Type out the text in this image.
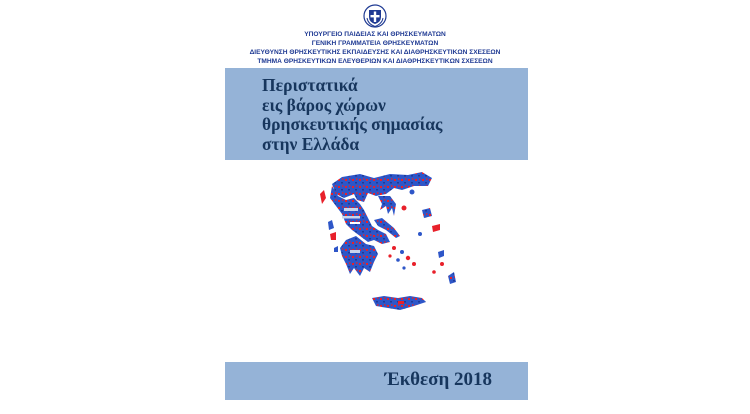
ΥΠΟΥΡΓΕΙΟ ΠΑΙΔΕΙΑΣ ΚΑΙ ΘΡΗΣΚΕΥΜΑΤΩΝ
ΓΕΝΙΚΗ ΓΡΑΜΜΑΤΕΙΑ ΘΡΗΣΚΕΥΜΑΤΩΝ
ΔΙΕΥΘΥΝΣΗ ΘΡΗΣΚΕΥΤΙΚΗΣ ΕΚΠΑΙΔΕΥΣΗΣ ΚΑΙ ΔΙΑΘΡΗΣΚΕΥΤΙΚΩΝ ΣΧΕΣΕΩΝ
ΤΜΗΜΑ ΘΡΗΣΚΕΥΤΙΚΩΝ ΕΛΕΥΘΕΡΙΩΝ ΚΑΙ ΔΙΑΘΡΗΣΚΕΥΤΙΚΩΝ ΣΧΕΣΕΩΝ
Περιστατικά
εις βάρος χώρων
θρησκευτικής σημασίας
στην Ελλάδα
Έκθεση 2018
